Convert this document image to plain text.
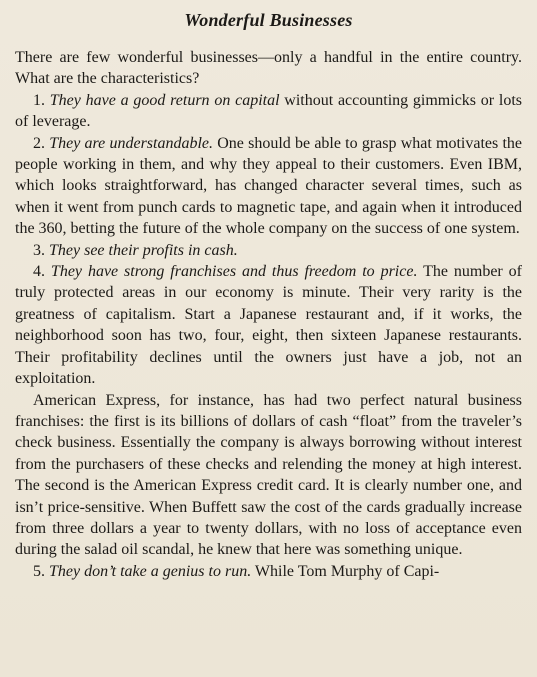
Wonderful Businesses

There are few wonderful businesses—only a handful in the entire country. What are the characteristics?

1. They have a good return on capital without accounting gimmicks or lots of leverage.

2. They are understandable. One should be able to grasp what motivates the people working in them, and why they appeal to their customers. Even IBM, which looks straightforward, has changed character several times, such as when it went from punch cards to magnetic tape, and again when it introduced the 360, betting the future of the whole company on the success of one system.

3. They see their profits in cash.

4. They have strong franchises and thus freedom to price. The number of truly protected areas in our economy is minute. Their very rarity is the greatness of capitalism. Start a Japanese restaurant and, if it works, the neighborhood soon has two, four, eight, then sixteen Japanese restaurants. Their profitability declines until the owners just have a job, not an exploitation.

American Express, for instance, has had two perfect natural business franchises: the first is its billions of dollars of cash “float” from the traveler’s check business. Essentially the company is always borrowing without interest from the purchasers of these checks and relending the money at high interest. The second is the American Express credit card. It is clearly number one, and isn’t price-sensitive. When Buffett saw the cost of the cards gradually increase from three dollars a year to twenty dollars, with no loss of acceptance even during the salad oil scandal, he knew that here was something unique.

5. They don’t take a genius to run. While Tom Murphy of Capi-
